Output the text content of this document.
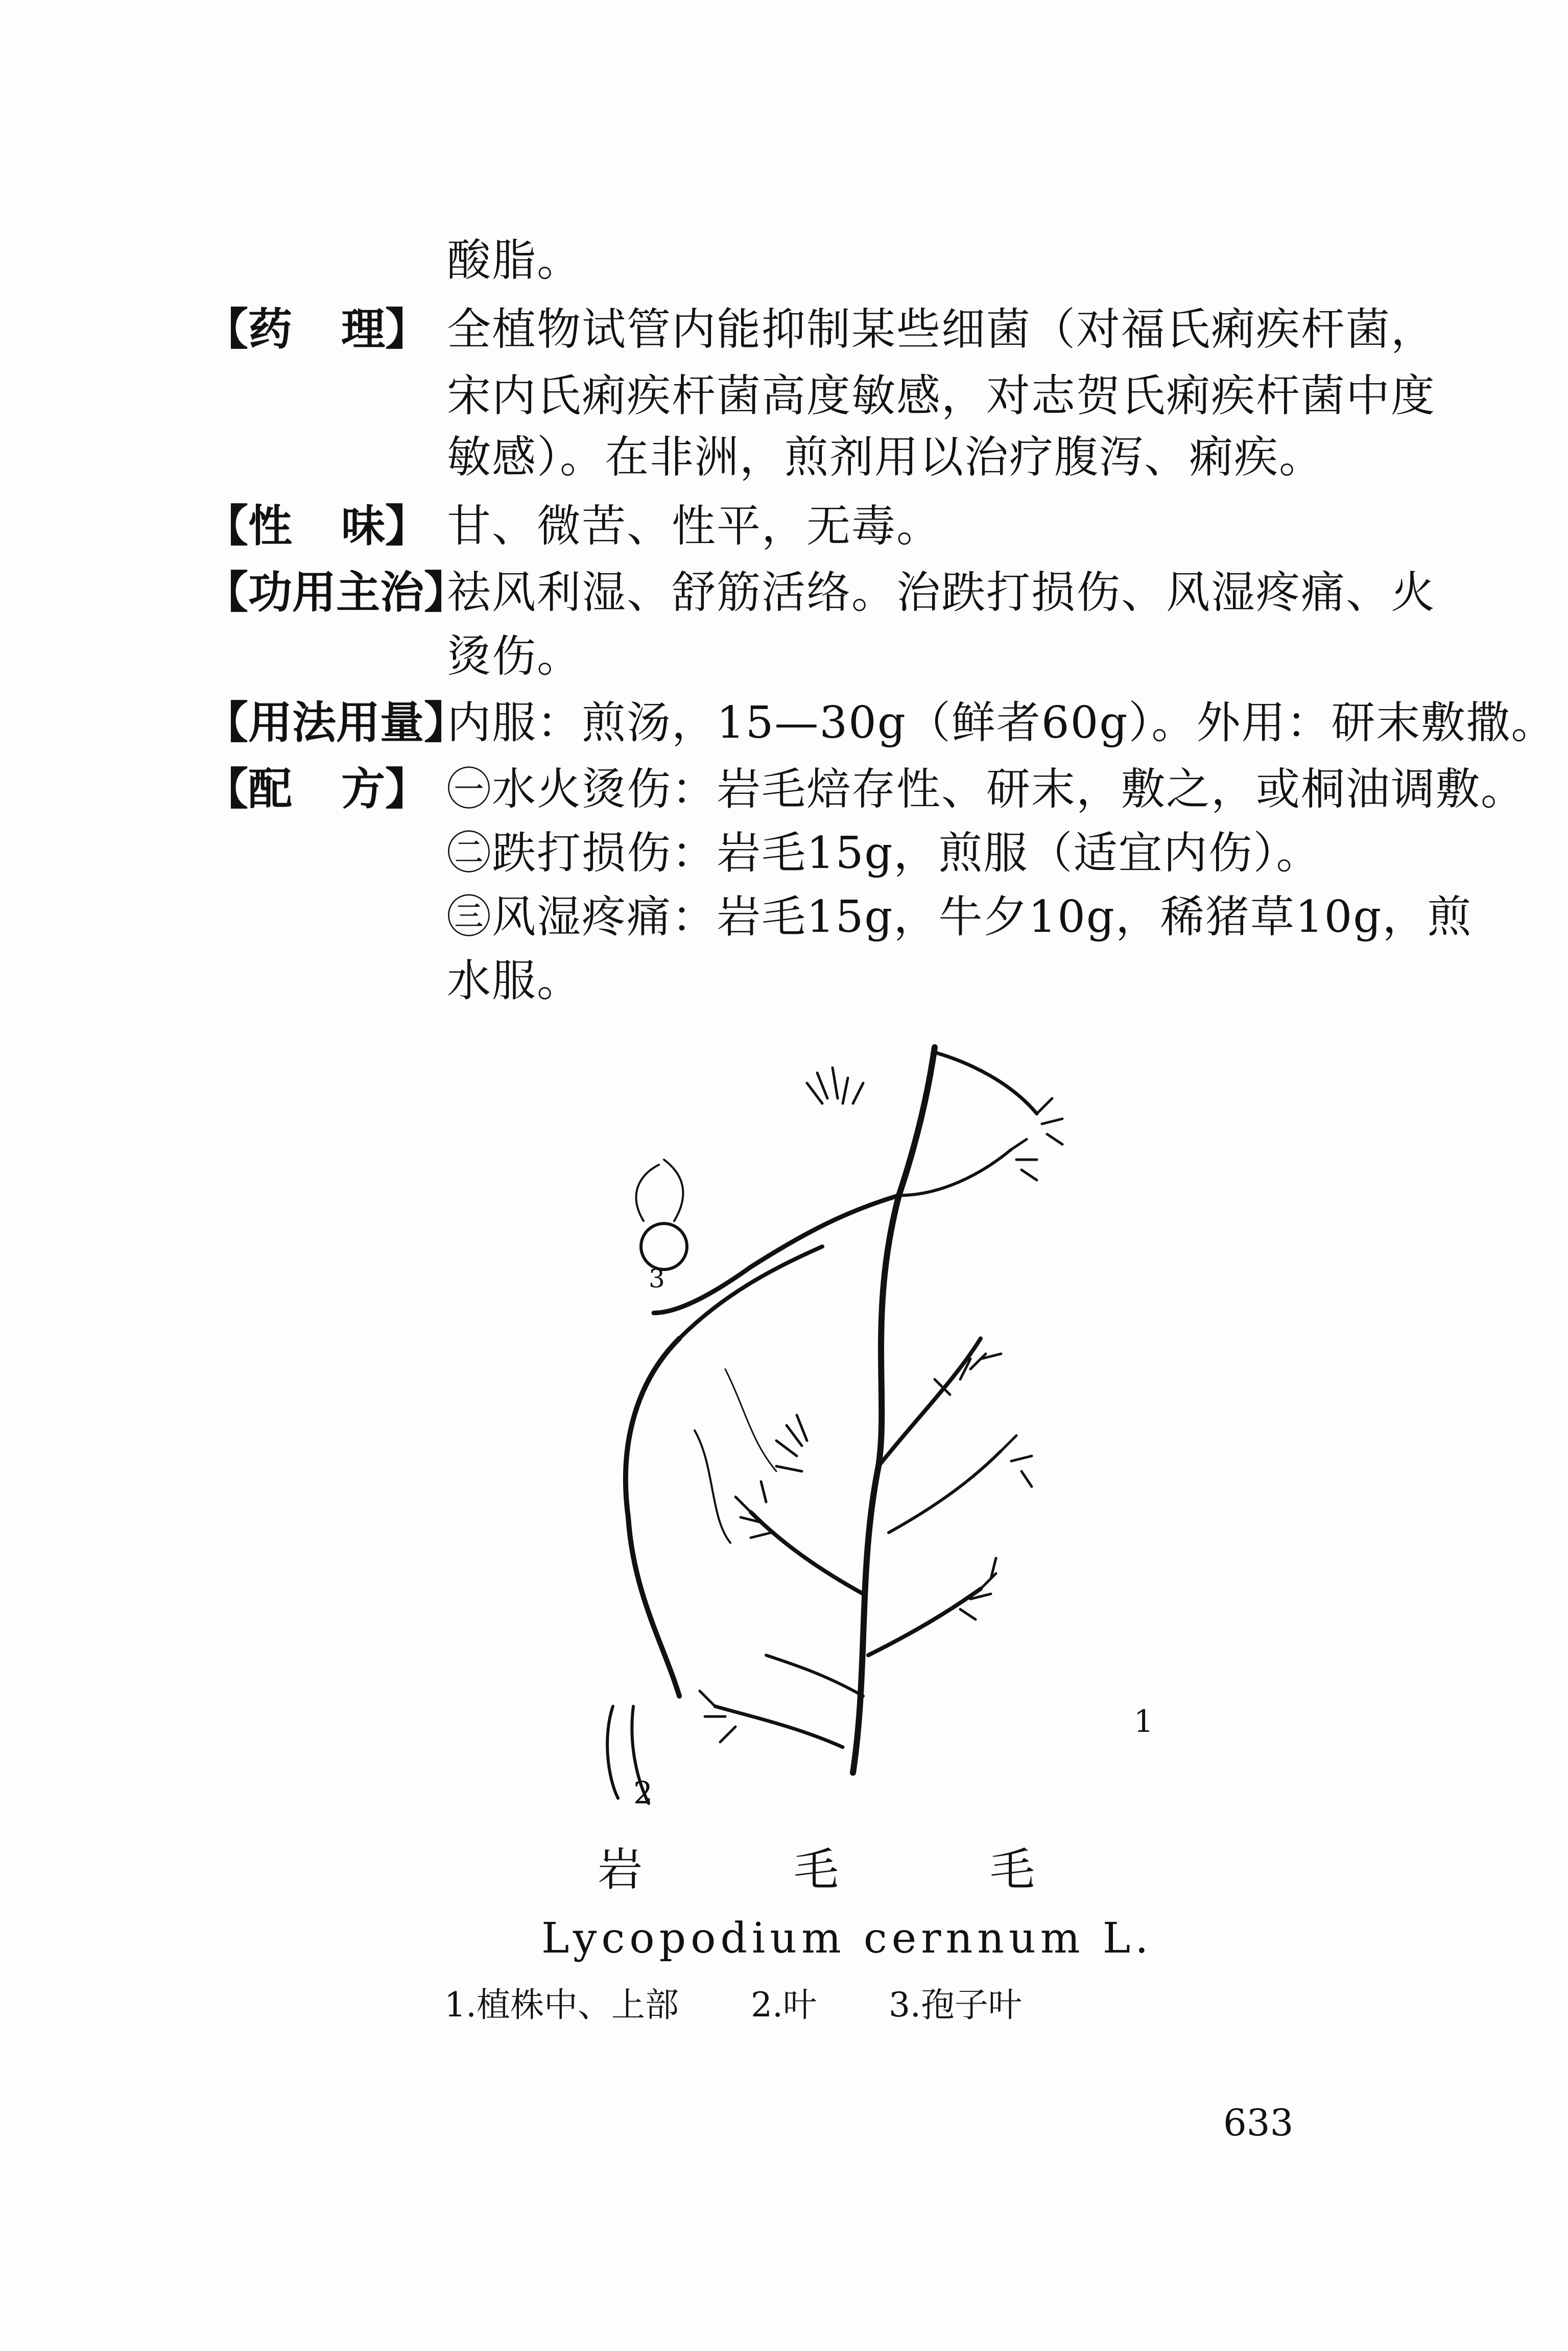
酸脂。
【药 理】 全植物试管内能抑制某些细菌（对福氏痢疾杆菌，
宋内氏痢疾杆菌高度敏感，对志贺氏痢疾杆菌中度
敏感）。在非洲，煎剂用以治疗腹泻、痢疾。
【性 味】 甘、微苦、性平，无毒。
【功用主治】
祛风利湿、舒筋活络。治跌打损伤、风湿疼痛、火
烫伤。
【用法用量】
内服：煎汤，15—30g（鲜者60g）。外用：研末敷撒。
【配 方】 ㊀水火烫伤：岩毛焙存性、研末，敷之，或桐油调敷。
㊁跌打损伤：岩毛15g，煎服（适宜内伤）。
㊂风湿疼痛：岩毛15g，牛夕10g，稀猪草10g，煎
水服。
1
2
3
岩	毛	毛
Lycopodium cernnum L.
1.植株中、上部 2.叶 3.孢子叶
633
